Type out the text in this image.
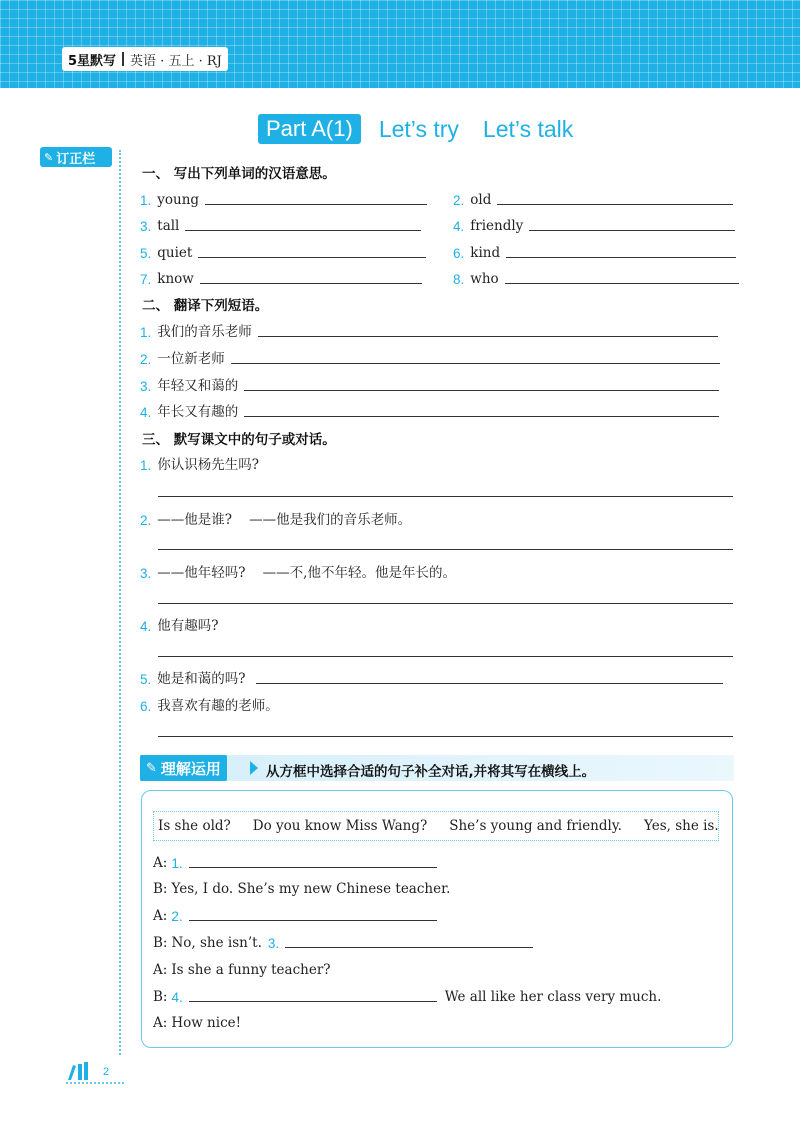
5星默写 英语 · 五上 · RJ
Part A(1)	Let’s try Let’s talk
✎ 订正栏
一、 写出下列单词的汉语意思。
1. young	2. old
3. tall	4. friendly
5. quiet	6. kind
7. know	8. who
二、 翻译下列短语。
1. 我们的音乐老师
2. 一位新老师
3. 年轻又和蔼的
4. 年长又有趣的
三、 默写课文中的句子或对话。
1. 你认识杨先生吗?
2. ——他是谁?    ——他是我们的音乐老师。
3. ——他年轻吗?    ——不,他不年轻。他是年长的。
4. 他有趣吗?
5. 她是和蔼的吗?
6. 我喜欢有趣的老师。
✎ 理解运用	从方框中选择合适的句子补全对话,并将其写在横线上。
Is she old? Do you know Miss Wang? She’s young and friendly. Yes, she is.
A: 1.
B: Yes, I do. She’s my new Chinese teacher.
A: 2.
B: No, she isn’t. 3.
A: Is she a funny teacher?
B: 4.	We all like her class very much.
A: How nice!
2
